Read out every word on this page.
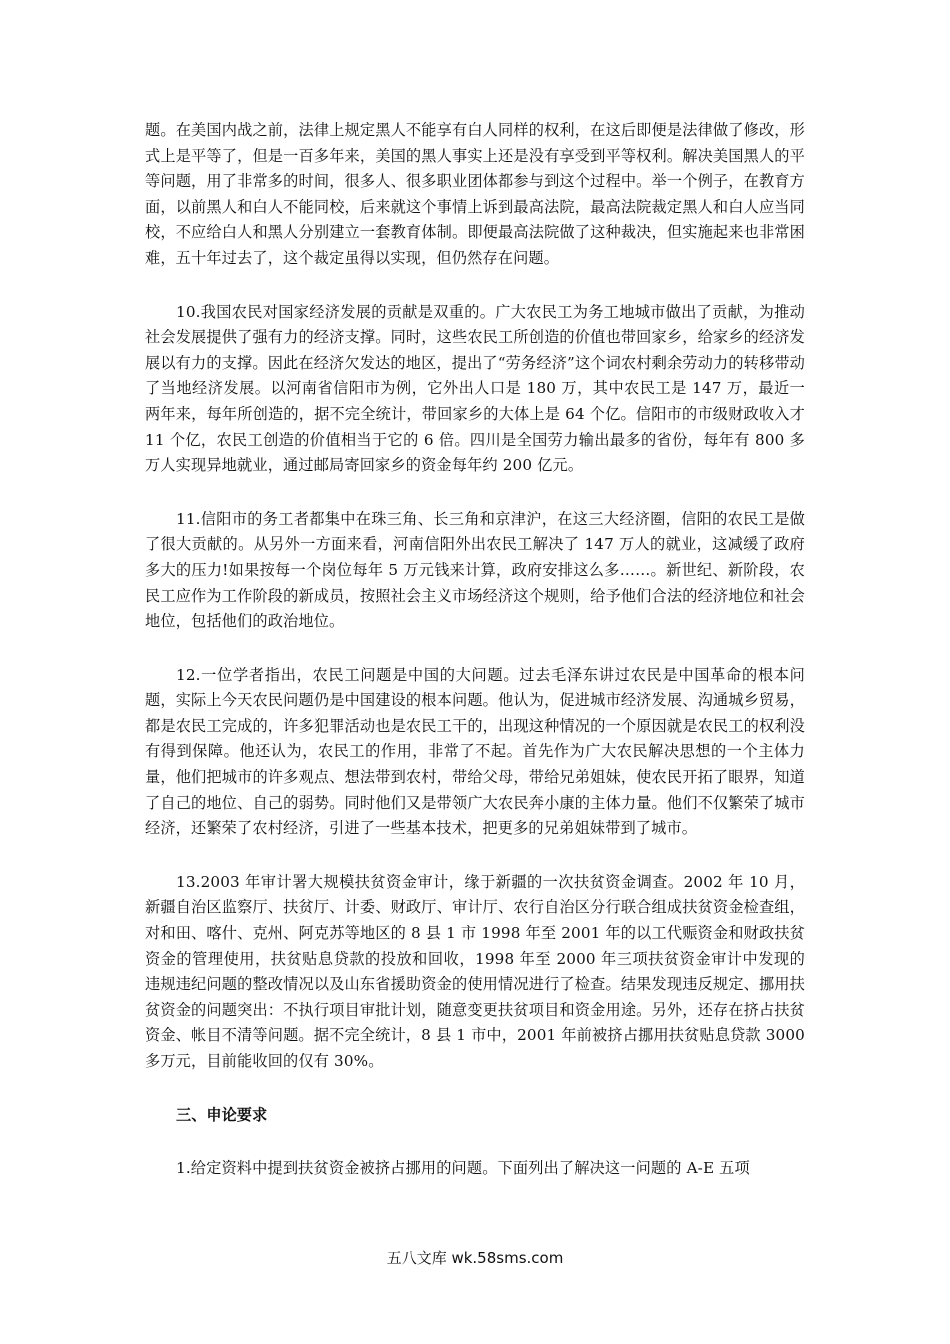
题。在美国内战之前，法律上规定黑人不能享有白人同样的权利，在这后即便是法律做了修改，形式上是平等了，但是一百多年来，美国的黑人事实上还是没有享受到平等权利。解决美国黑人的平等问题，用了非常多的时间，很多人、很多职业团体都参与到这个过程中。举一个例子，在教育方面，以前黑人和白人不能同校，后来就这个事情上诉到最高法院，最高法院裁定黑人和白人应当同校，不应给白人和黑人分别建立一套教育体制。即便最高法院做了这种裁决，但实施起来也非常困难，五十年过去了，这个裁定虽得以实现，但仍然存在问题。

10.我国农民对国家经济发展的贡献是双重的。广大农民工为务工地城市做出了贡献，为推动社会发展提供了强有力的经济支撑。同时，这些农民工所创造的价值也带回家乡，给家乡的经济发展以有力的支撑。因此在经济欠发达的地区，提出了“劳务经济”这个词农村剩余劳动力的转移带动了当地经济发展。以河南省信阳市为例，它外出人口是 180 万，其中农民工是 147 万，最近一两年来，每年所创造的，据不完全统计，带回家乡的大体上是 64 个亿。信阳市的市级财政收入才 11 个亿，农民工创造的价值相当于它的 6 倍。四川是全国劳力输出最多的省份，每年有 800 多万人实现异地就业，通过邮局寄回家乡的资金每年约 200 亿元。

11.信阳市的务工者都集中在珠三角、长三角和京津沪，在这三大经济圈，信阳的农民工是做了很大贡献的。从另外一方面来看，河南信阳外出农民工解决了 147 万人的就业，这减缓了政府多大的压力!如果按每一个岗位每年 5 万元钱来计算，政府安排这么多……。新世纪、新阶段，农民工应作为工作阶段的新成员，按照社会主义市场经济这个规则，给予他们合法的经济地位和社会地位，包括他们的政治地位。

12.一位学者指出，农民工问题是中国的大问题。过去毛泽东讲过农民是中国革命的根本问题，实际上今天农民问题仍是中国建设的根本问题。他认为，促进城市经济发展、沟通城乡贸易，都是农民工完成的，许多犯罪活动也是农民工干的，出现这种情况的一个原因就是农民工的权利没有得到保障。他还认为，农民工的作用，非常了不起。首先作为广大农民解决思想的一个主体力量，他们把城市的许多观点、想法带到农村，带给父母，带给兄弟姐妹，使农民开拓了眼界，知道了自己的地位、自己的弱势。同时他们又是带领广大农民奔小康的主体力量。他们不仅繁荣了城市经济，还繁荣了农村经济，引进了一些基本技术，把更多的兄弟姐妹带到了城市。

13.2003 年审计署大规模扶贫资金审计，缘于新疆的一次扶贫资金调查。2002 年 10 月，新疆自治区监察厅、扶贫厅、计委、财政厅、审计厅、农行自治区分行联合组成扶贫资金检查组，对和田、喀什、克州、阿克苏等地区的 8 县 1 市 1998 年至 2001 年的以工代赈资金和财政扶贫资金的管理使用，扶贫贴息贷款的投放和回收，1998 年至 2000 年三项扶贫资金审计中发现的违规违纪问题的整改情况以及山东省援助资金的使用情况进行了检查。结果发现违反规定、挪用扶贫资金的问题突出：不执行项目审批计划，随意变更扶贫项目和资金用途。另外，还存在挤占扶贫资金、帐目不清等问题。据不完全统计，8 县 1 市中，2001 年前被挤占挪用扶贫贴息贷款 3000 多万元，目前能收回的仅有 30%。

三、申论要求

1.给定资料中提到扶贫资金被挤占挪用的问题。下面列出了解决这一问题的 A-E 五项

五八文库 wk.58sms.com
